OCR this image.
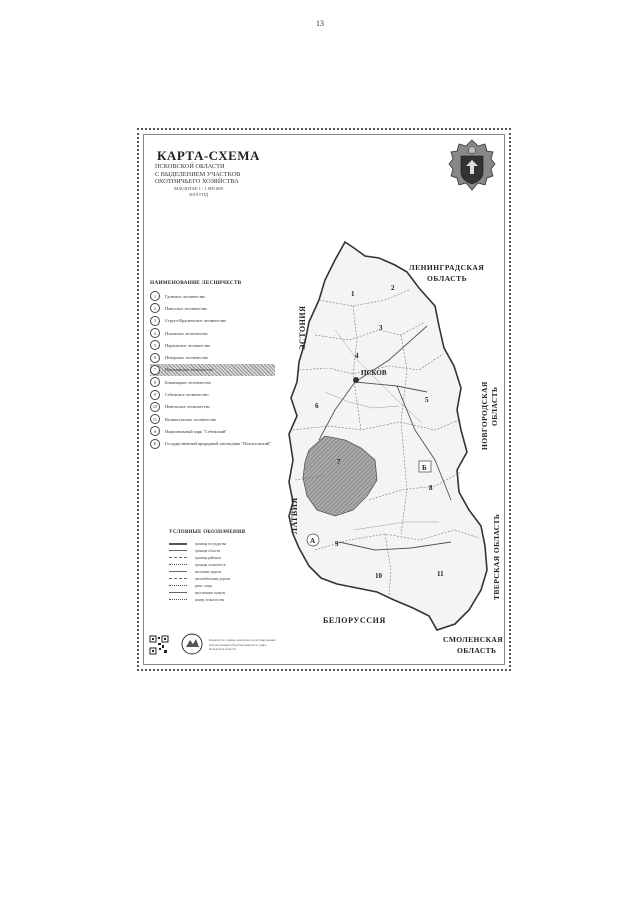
13
ПСКОВ
1
2
3
4
5
6
7
8
9
10	11
А
Б
ЛЕНИНГРАДСКАЯ
ОБЛАСТЬ
ЭСТОНИЯ
ЛАТВИЯ
НОВГОРОДСКАЯ ОБЛАСТЬ
ТВЕРСКАЯ ОБЛАСТЬ
БЕЛОРУССИЯ
СМОЛЕНСКАЯ
ОБЛАСТЬ
КАРТА-СХЕМА
ПСКОВСКОЙ ОБЛАСТИ
С ВЫДЕЛЕНИЕМ УЧАСТКОВ
ОХОТНИЧЬЕГО ХОЗЯЙСТВА
МАСШТАБ 1 : 1 000 000
2019 ГОД
НАИМЕНОВАНИЕ ЛЕСНИЧЕСТВ
1	Гдовское лесничество
2	Плюсское лесничество
3	Струго-Красненское лесничество
4	Псковское лесничество
5	Порховское лесничество
6	Печорское лесничество
7	Пыталовское лесничество
8	Бежаницкое лесничество
9	Себежское лесничество
10	Невельское лесничество
11	Великолукское лесничество
А	Национальный парк "Себежский"
Б	Государственный природный заповедник "Полистовский"
УСЛОВНЫЕ ОБОЗНАЧЕНИЯ
граница государства
граница области
граница районов
граница лесничеств
железные дороги
автомобильные дороги
реки, озера
населенные пункты
номер лесничества
Комитет по охране, контролю и регулированию
использования объектов животного мира
Псковской области
